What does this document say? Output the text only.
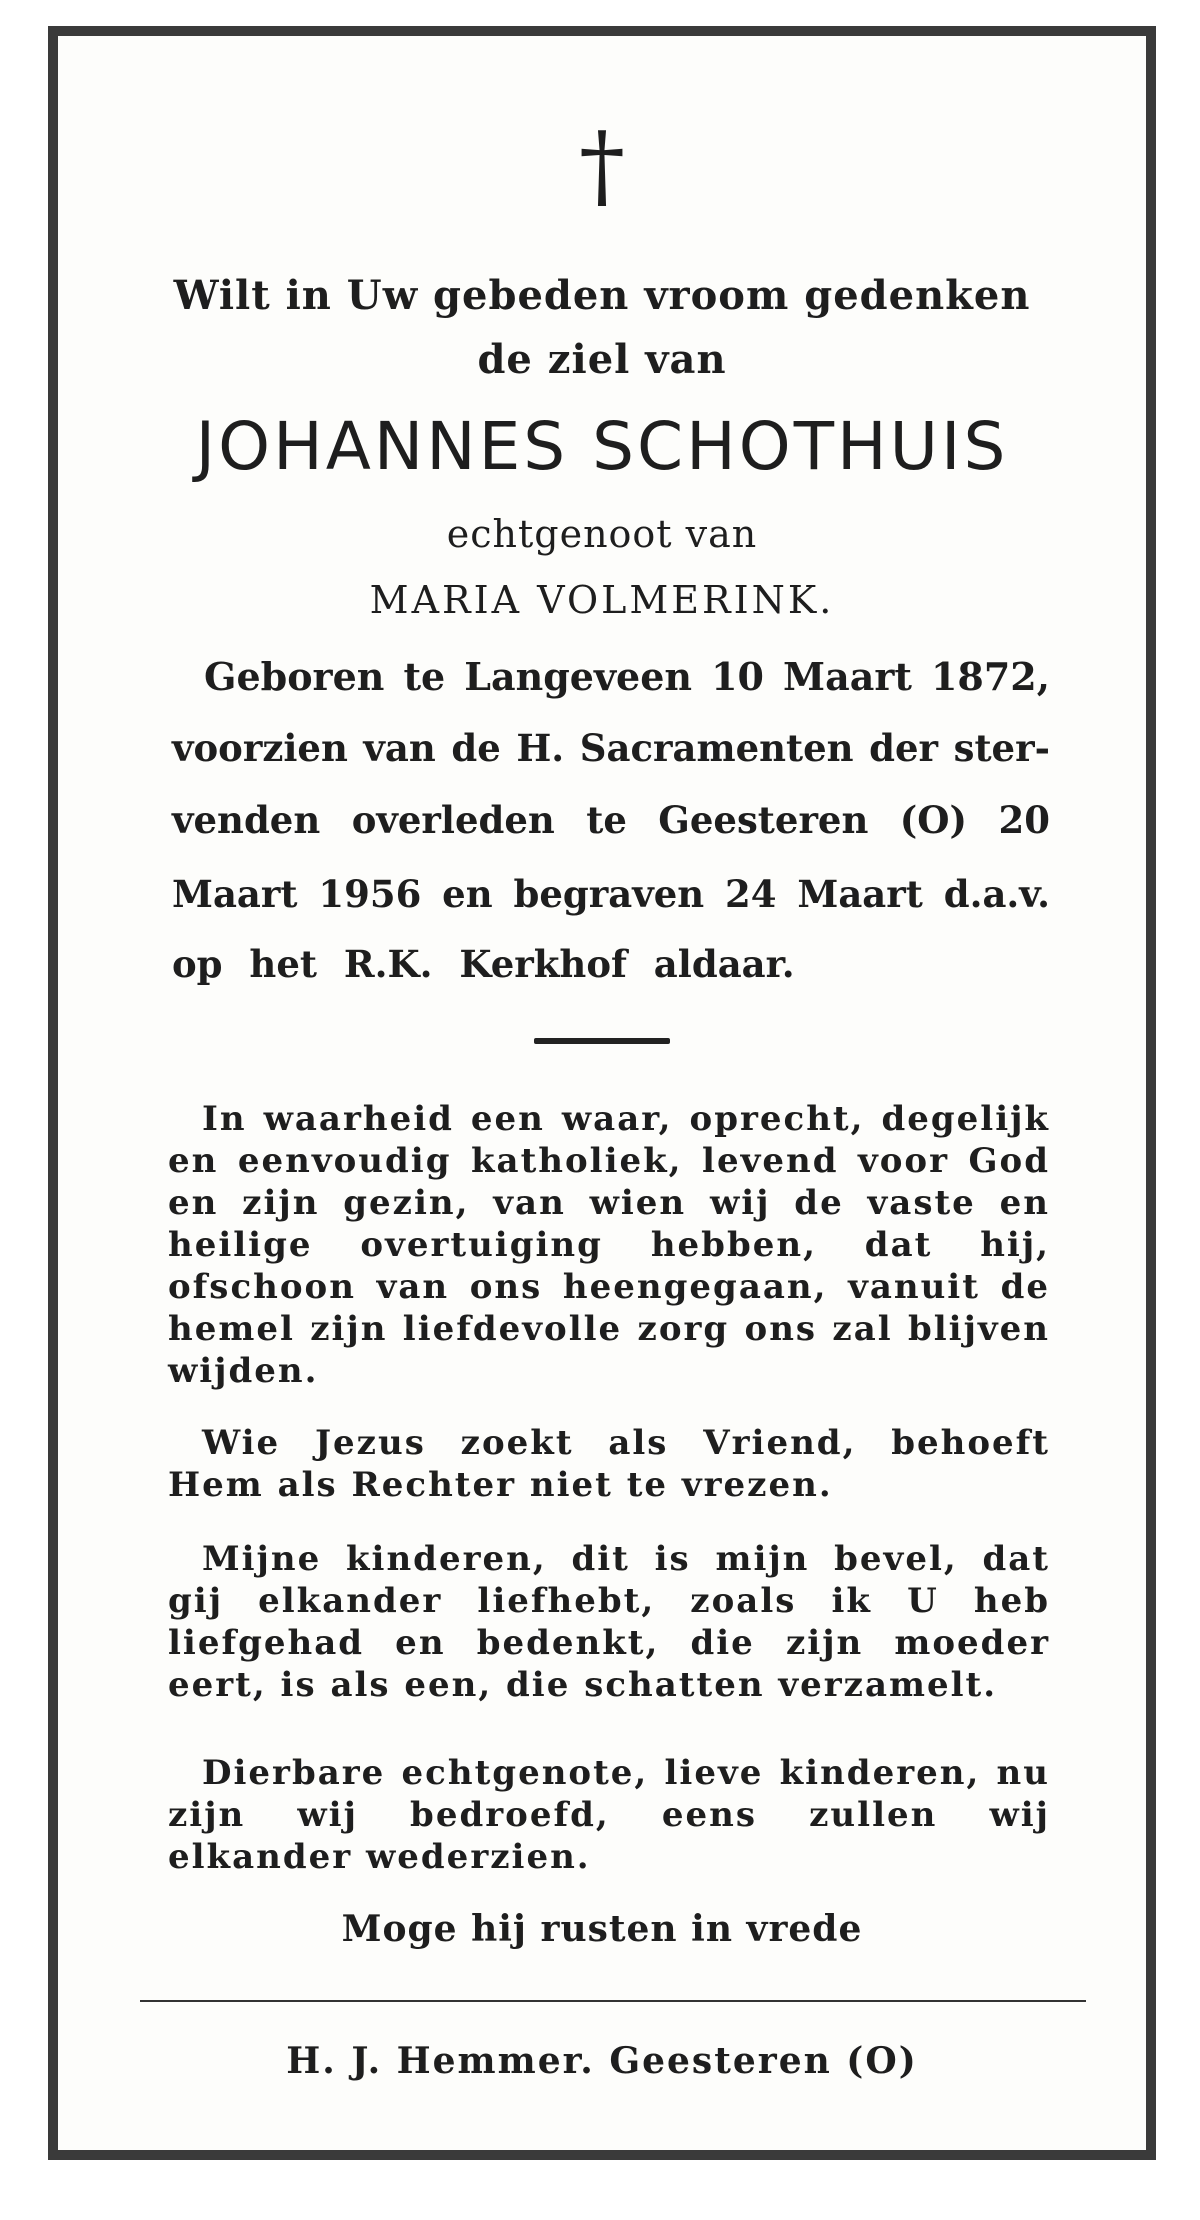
†
Wilt in Uw gebeden vroom gedenken
de ziel van
JOHANNES SCHOTHUIS
echtgenoot van
MARIA VOLMERINK.
Geboren te Langeveen 10 Maart 1872,
voorzien van de H. Sacramenten der ster-
venden overleden te Geesteren (O) 20
Maart 1956 en begraven 24 Maart d.a.v.
op het R.K. Kerkhof aldaar.

In waarheid een waar, oprecht, degelijk en eenvoudig katholiek, levend voor God en zijn gezin, van wien wij de vaste en heilige overtuiging hebben, dat hij, ofschoon van ons heengegaan, vanuit de hemel zijn liefdevolle zorg ons zal blijven wijden.

Wie Jezus zoekt als Vriend, behoeft Hem als Rechter niet te vrezen.

Mijne kinderen, dit is mijn bevel, dat gij elkander liefhebt, zoals ik U heb liefgehad en bedenkt, die zijn moeder eert, is als een, die schatten verzamelt.

Dierbare echtgenote, lieve kinderen, nu zijn wij bedroefd, eens zullen wij elkander wederzien.

Moge hij rusten in vrede
H. J. Hemmer. Geesteren (O)
